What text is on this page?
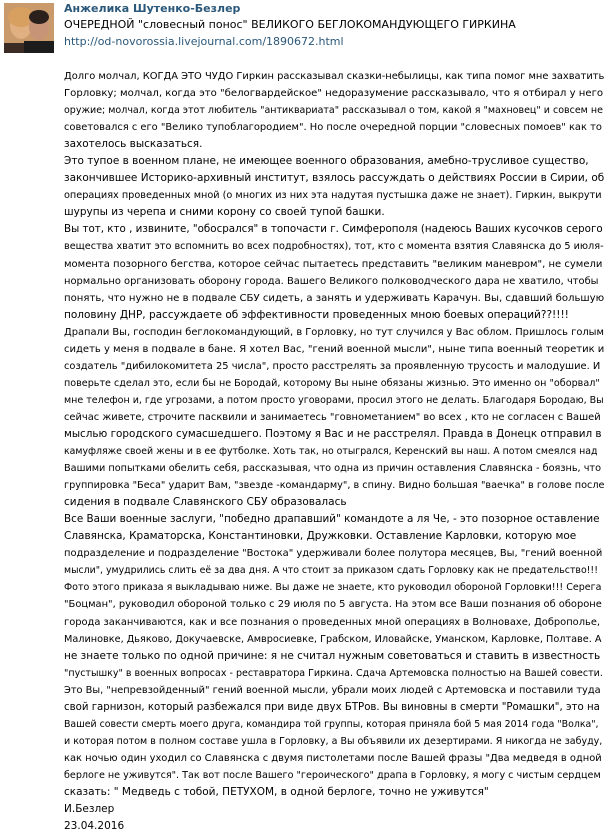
Анжелика Шутенко-Безлер
ОЧЕРЕДНОЙ "словесный понос" ВЕЛИКОГО БЕГЛОКОМАНДУЮЩЕГО ГИРКИНА
http://od-novorossia.livejournal.com/1890672.html

Долго молчал, КОГДА ЭТО ЧУДО Гиркин рассказывал сказки-небылицы, как типа помог мне захватить

Горловку; молчал, когда это "белогвардейское" недоразумение рассказывало, что я отбирал у него

оружие; молчал, когда этот любитель "антиквариата" рассказывал о том, какой я "махновец" и совсем не

советовался с его "Велико тупоблагородием". Но после очередной порции "словесных помоев" как то

захотелось высказаться.

Это тупое в военном плане, не имеющее военного образования, амебно-трусливое существо,

закончившее Историко-архивный институт, взялось рассуждать о действиях России в Сирии, об

операциях проведенных мной (о многих из них эта надутая пустышка даже не знает). Гиркин, выкрути

шурупы из черепа и сними корону со своей тупой башки.

Вы тот, кто , извините, "обосрался" в топочасти г. Симферополя (надеюсь Ваших кусочков серого

вещества хватит это вспомнить во всех подробностях), тот, кто с момента взятия Славянска до 5 июля-

момента позорного бегства, которое сейчас пытаетесь представить "великим маневром", не сумели

нормально организовать оборону города. Вашего Великого полководческого дара не хватило, чтобы

понять, что нужно не в подвале СБУ сидеть, а занять и удерживать Карачун. Вы, сдавший большую

половину ДНР, рассуждаете об эффективности проведенных мною боевых операций??!!!!

Драпали Вы, господин беглокомандующий, в Горловку, но тут случился у Вас облом. Пришлось голым

сидеть у меня в подвале в бане. Я хотел Вас, "гений военной мысли", ныне типа военный теоретик и

создатель "дибилокомитета 25 числа", просто расстрелять за проявленную трусость и малодушие. И

поверьте сделал это, если бы не Бородай, которому Вы ныне обязаны жизнью. Это именно он "оборвал"

мне телефон и, где угрозами, а потом просто уговорами, просил этого не делать. Благодаря Бородаю, Вы

сейчас живете, строчите пасквили и занимаетесь "говнометанием" во всех , кто не согласен с Вашей

мыслью городского сумасшедшего. Поэтому я Вас и не расстрелял. Правда в Донецк отправил в

камуфляже своей жены и в ее футболке. Хоть так, но отыгрался, Керенский вы наш. А потом смеялся над

Вашими попытками обелить себя, рассказывая, что одна из причин оставления Славянска - боязнь, что

группировка "Беса" ударит Вам, "звезде -командарму", в спину. Видно большая "ваечка" в голове после

сидения в подвале Славянского СБУ образовалась

Все Ваши военные заслуги, "победно драпавший" командоте а ля Че, - это позорное оставление

Славянска, Краматорска, Константиновки, Дружковки. Оставление Карловки, которую мое

подразделение и подразделение "Востока" удерживали более полутора месяцев, Вы, "гений военной

мысли", умудрились слить её за два дня. А что стоит за приказом сдать Горловку как не предательство!!!

Фото этого приказа я выкладываю ниже. Вы даже не знаете, кто руководил обороной Горловки!!! Серега

"Боцман", руководил обороной только с 29 июля по 5 августа. На этом все Ваши познания об обороне

города заканчиваются, как и все познания о проведенных мной операциях в Волновахе, Доброполье,

Малиновке, Дьяково, Докучаевске, Амвросиевке, Грабском, Иловайске, Уманском, Карловке, Полтаве. А

не знаете только по одной причине: я не считал нужным советоваться и ставить в известность

"пустышку" в военных вопросах - реставратора Гиркина. Сдача Артемовска полностью на Вашей совести.

Это Вы, "непревзойденный" гений военной мысли, убрали моих людей с Артемовска и поставили туда

свой гарнизон, который разбежался при виде двух БТРов. Вы виновны в смерти "Ромашки", это на

Вашей совести смерть моего друга, командира той группы, которая приняла бой 5 мая 2014 года "Волка",

и которая потом в полном составе ушла в Горловку, а Вы объявили их дезертирами. Я никогда не забуду,

как ночью один уходил со Славянска с двумя пистолетами после Вашей фразы "Два медведя в одной

берлоге не уживутся". Так вот после Вашего "героического" драпа в Горловку, я могу с чистым сердцем

сказать: " Медведь с тобой, ПЕТУХОМ, в одной берлоге, точно не уживутся"

И.Безлер

23.04.2016
